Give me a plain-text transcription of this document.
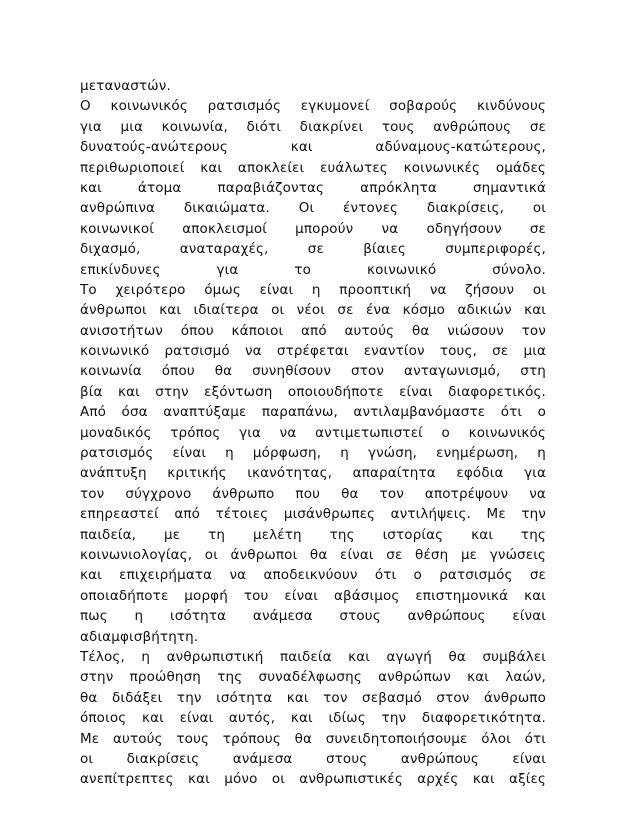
μεταναστών.
Ο κοινωνικός ρατσισμός εγκυμονεί σοβαρούς κινδύνους
για μια κοινωνία, διότι διακρίνει τους ανθρώπους σε
δυνατούς-ανώτερους και αδύναμους-κατώτερους,
περιθωριοποιεί και αποκλείει ευάλωτες κοινωνικές ομάδες
και άτομα παραβιάζοντας απρόκλητα σημαντικά
ανθρώπινα δικαιώματα. Οι έντονες διακρίσεις, οι
κοινωνικοί αποκλεισμοί μπορούν να οδηγήσουν σε
διχασμό, αναταραχές, σε βίαιες συμπεριφορές,
επικίνδυνες για το κοινωνικό σύνολο.
Το χειρότερο όμως είναι η προοπτική να ζήσουν οι
άνθρωποι και ιδιαίτερα οι νέοι σε ένα κόσμο αδικιών και
ανισοτήτων όπου κάποιοι από αυτούς θα νιώσουν τον
κοινωνικό ρατσισμό να στρέφεται εναντίον τους, σε μια
κοινωνία όπου θα συνηθίσουν στον ανταγωνισμό, στη
βία και στην εξόντωση οποιουδήποτε είναι διαφορετικός.
Από όσα αναπτύξαμε παραπάνω, αντιλαμβανόμαστε ότι ο
μοναδικός τρόπος για να αντιμετωπιστεί ο κοινωνικός
ρατσισμός είναι η μόρφωση, η γνώση, ενημέρωση, η
ανάπτυξη κριτικής ικανότητας, απαραίτητα εφόδια για
τον σύγχρονο άνθρωπο που θα τον αποτρέψουν να
επηρεαστεί από τέτοιες μισάνθρωπες αντιλήψεις. Με την
παιδεία, με τη μελέτη της ιστορίας και της
κοινωνιολογίας, οι άνθρωποι θα είναι σε θέση με γνώσεις
και επιχειρήματα να αποδεικνύουν ότι ο ρατσισμός σε
οποιαδήποτε μορφή του είναι αβάσιμος επιστημονικά και
πως η ισότητα ανάμεσα στους ανθρώπους είναι
αδιαμφισβήτητη.
Τέλος, η ανθρωπιστική παιδεία και αγωγή θα συμβάλει
στην προώθηση της συναδέλφωσης ανθρώπων και λαών,
θα διδάξει την ισότητα και τον σεβασμό στον άνθρωπο
όποιος και είναι αυτός, και ιδίως την διαφορετικότητα.
Με αυτούς τους τρόπους θα συνειδητοποιήσουμε όλοι ότι
οι διακρίσεις ανάμεσα στους ανθρώπους είναι
ανεπίτρεπτες και μόνο οι ανθρωπιστικές αρχές και αξίες
